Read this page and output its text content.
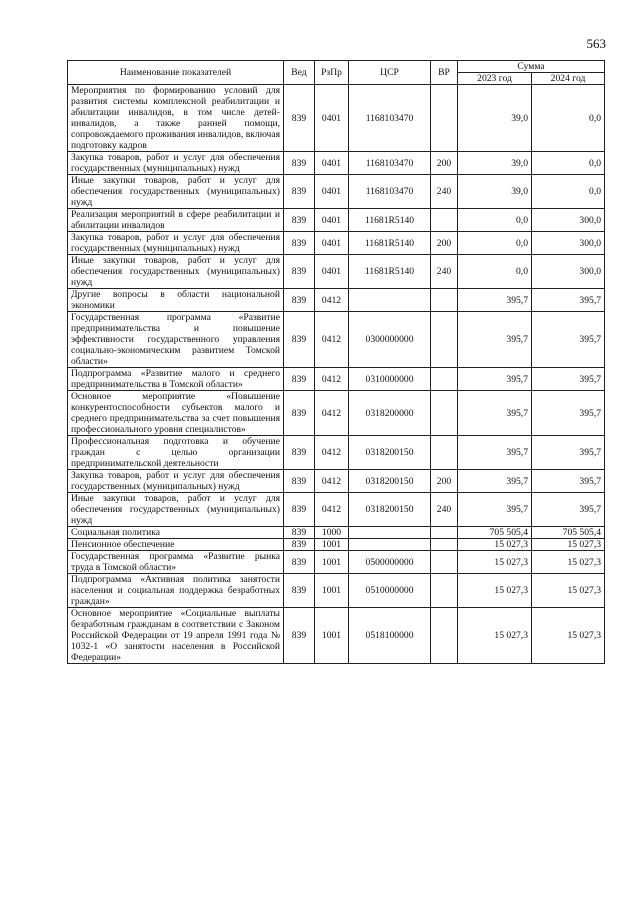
563
Наименование показателей	Вед	РзПр	ЦСР	ВР	Сумма	
					2023 год	2024 год
Мероприятия по формированию условий для развития системы комплексной реабилитации и абилитации инвалидов, в том числе детей-инвалидов, а также ранней помощи, сопровождаемого проживания инвалидов, включая подготовку кадров	839	0401	1168103470		39,0	0,0
Закупка товаров, работ и услуг для обеспечения государственных (муниципальных) нужд	839	0401	1168103470	200	39,0	0,0
Иные закупки товаров, работ и услуг для обеспечения государственных (муниципальных) нужд	839	0401	1168103470	240	39,0	0,0
Реализация мероприятий в сфере реабилитации и абилитации инвалидов	839	0401	11681R5140		0,0	300,0
Закупка товаров, работ и услуг для обеспечения государственных (муниципальных) нужд	839	0401	11681R5140	200	0,0	300,0
Иные закупки товаров, работ и услуг для обеспечения государственных (муниципальных) нужд	839	0401	11681R5140	240	0,0	300,0
Другие вопросы в области национальной экономики	839	0412			395,7	395,7
Государственная программа «Развитие предпринимательства и повышение эффективности государственного управления социально-экономическим развитием Томской области»	839	0412	0300000000		395,7	395,7
Подпрограмма «Развитие малого и среднего предпринимательства в Томской области»	839	0412	0310000000		395,7	395,7
Основное мероприятие «Повышение конкурентоспособности субъектов малого и среднего предпринимательства за счет повышения профессионального уровня специалистов»	839	0412	0318200000		395,7	395,7
Профессиональная подготовка и обучение граждан с целью организации предпринимательской деятельности	839	0412	0318200150		395,7	395,7
Закупка товаров, работ и услуг для обеспечения государственных (муниципальных) нужд	839	0412	0318200150	200	395,7	395,7
Иные закупки товаров, работ и услуг для обеспечения государственных (муниципальных) нужд	839	0412	0318200150	240	395,7	395,7
Социальная политика	839	1000			705 505,4	705 505,4
Пенсионное обеспечение	839	1001			15 027,3	15 027,3
Государственная программа «Развитие рынка труда в Томской области»	839	1001	0500000000		15 027,3	15 027,3
Подпрограмма «Активная политика занятости населения и социальная поддержка безработных граждан»	839	1001	0510000000		15 027,3	15 027,3
Основное мероприятие «Социальные выплаты безработным гражданам в соответствии с Законом Российской Федерации от 19 апреля 1991 года № 1032-1 «О занятости населения в Российской Федерации»	839	1001	0518100000		15 027,3	15 027,3
